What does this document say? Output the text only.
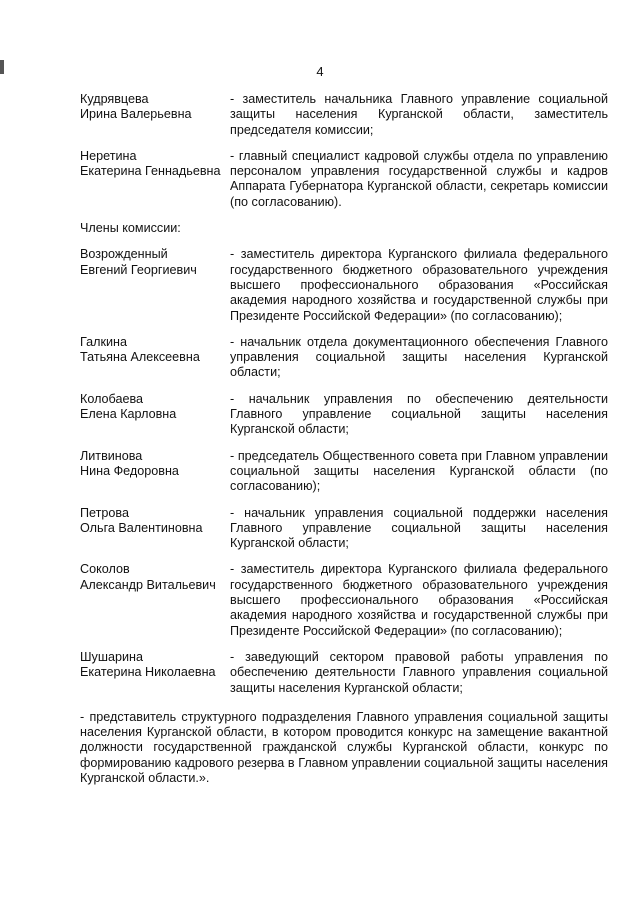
4
Кудрявцева
Ирина Валерьевна
- заместитель начальника Главного управление социальной защиты населения Курганской области, заместитель председателя комиссии;
Неретина
Екатерина Геннадьевна
- главный специалист кадровой службы отдела по управлению персоналом управления государственной службы и кадров Аппарата Губернатора Курганской области, секретарь комиссии (по согласованию).
Члены комиссии:
Возрожденный
Евгений Георгиевич
- заместитель директора Курганского филиала федерального государственного бюджетного образовательного учреждения высшего профессионального образования «Российская академия народного хозяйства и государственной службы при Президенте Российской Федерации» (по согласованию);
Галкина
Татьяна Алексеевна
- начальник отдела документационного обеспечения Главного управления социальной защиты населения Курганской области;
Колобаева
Елена Карловна
- начальник управления по обеспечению деятельности Главного управление социальной защиты населения Курганской области;
Литвинова
Нина Федоровна
- председатель Общественного совета при Главном управлении социальной защиты населения Курганской области (по согласованию);
Петрова
Ольга Валентиновна
- начальник управления социальной поддержки населения Главного управление социальной защиты населения Курганской области;
Соколов
Александр Витальевич
- заместитель директора Курганского филиала федерального государственного бюджетного образовательного учреждения высшего профессионального образования «Российская академия народного хозяйства и государственной службы при Президенте Российской Федерации» (по согласованию);
Шушарина
Екатерина Николаевна
- заведующий сектором правовой работы управления по обеспечению деятельности Главного управления социальной защиты населения Курганской области;
- представитель структурного подразделения Главного управления социальной защиты населения Курганской области, в котором проводится конкурс на замещение вакантной должности государственной гражданской службы Курганской области, конкурс по формированию кадрового резерва в Главном управлении социальной защиты населения Курганской области.».
